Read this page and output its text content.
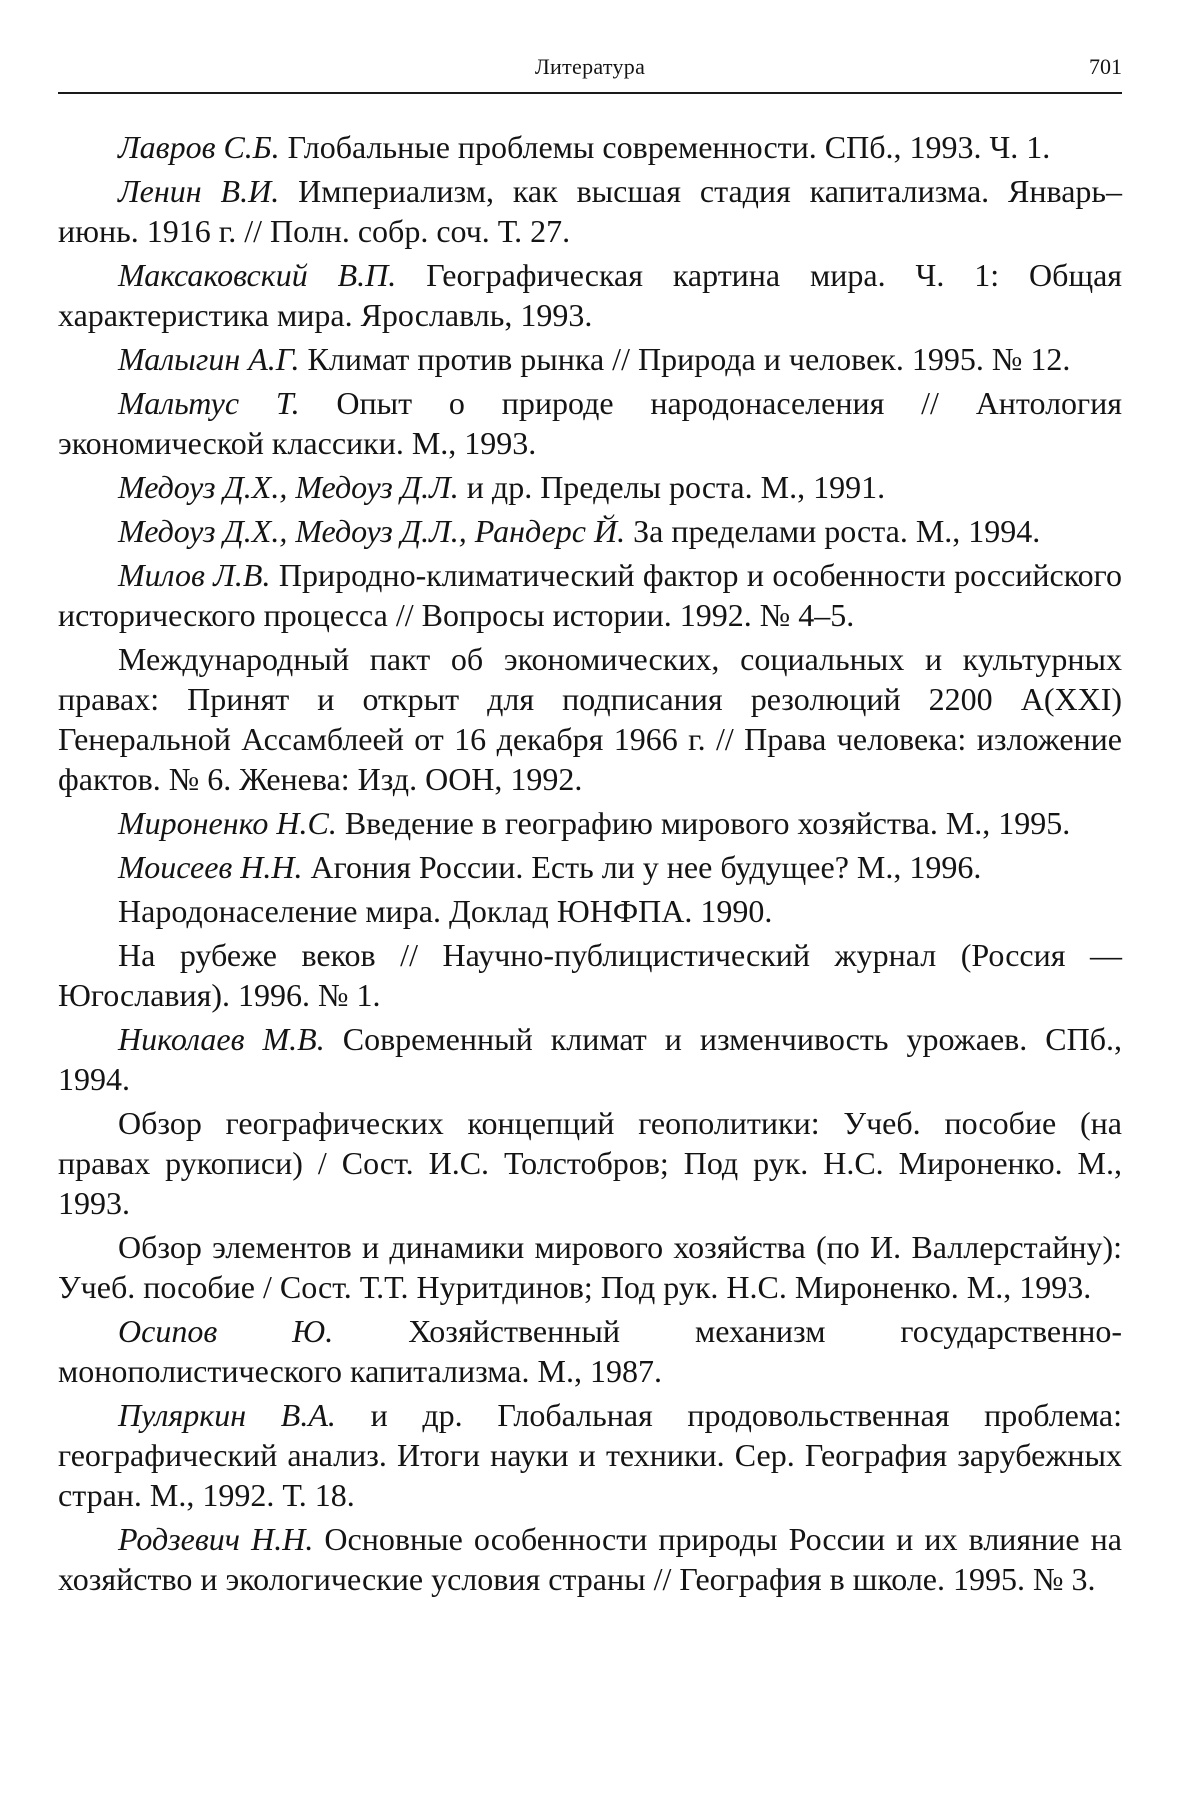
Литература	701
Лавров С.Б. Глобальные проблемы современности. СПб., 1993. Ч. 1.
Ленин В.И. Империализм, как высшая стадия капитализма. Январь–июнь. 1916 г. // Полн. собр. соч. Т. 27.
Максаковский В.П. Географическая картина мира. Ч. 1: Общая характеристика мира. Ярославль, 1993.
Малыгин А.Г. Климат против рынка // Природа и человек. 1995. № 12.
Мальтус Т. Опыт о природе народонаселения // Антология экономической классики. М., 1993.
Медоуз Д.Х., Медоуз Д.Л. и др. Пределы роста. М., 1991.
Медоуз Д.Х., Медоуз Д.Л., Рандерс Й. За пределами роста. М., 1994.
Милов Л.В. Природно-климатический фактор и особенности российского исторического процесса // Вопросы истории. 1992. № 4–5.
Международный пакт об экономических, социальных и культурных правах: Принят и открыт для подписания резолюций 2200 А(XXI) Генеральной Ассамблеей от 16 декабря 1966 г. // Права человека: изложение фактов. № 6. Женева: Изд. ООН, 1992.
Мироненко Н.С. Введение в географию мирового хозяйства. М., 1995.
Моисеев Н.Н. Агония России. Есть ли у нее будущее? М., 1996.
Народонаселение мира. Доклад ЮНФПА. 1990.
На рубеже веков // Научно-публицистический журнал (Россия — Югославия). 1996. № 1.
Николаев М.В. Современный климат и изменчивость урожаев. СПб., 1994.
Обзор географических концепций геополитики: Учеб. пособие (на правах рукописи) / Сост. И.С. Толстобров; Под рук. Н.С. Мироненко. М., 1993.
Обзор элементов и динамики мирового хозяйства (по И. Валлерстайну): Учеб. пособие / Сост. Т.Т. Нуритдинов; Под рук. Н.С. Мироненко. М., 1993.
Осипов Ю. Хозяйственный механизм государственно-монополистического капитализма. М., 1987.
Пуляркин В.А. и др. Глобальная продовольственная проблема: географический анализ. Итоги науки и техники. Сер. География зарубежных стран. М., 1992. Т. 18.
Родзевич Н.Н. Основные особенности природы России и их влияние на хозяйство и экологические условия страны // География в школе. 1995. № 3.
